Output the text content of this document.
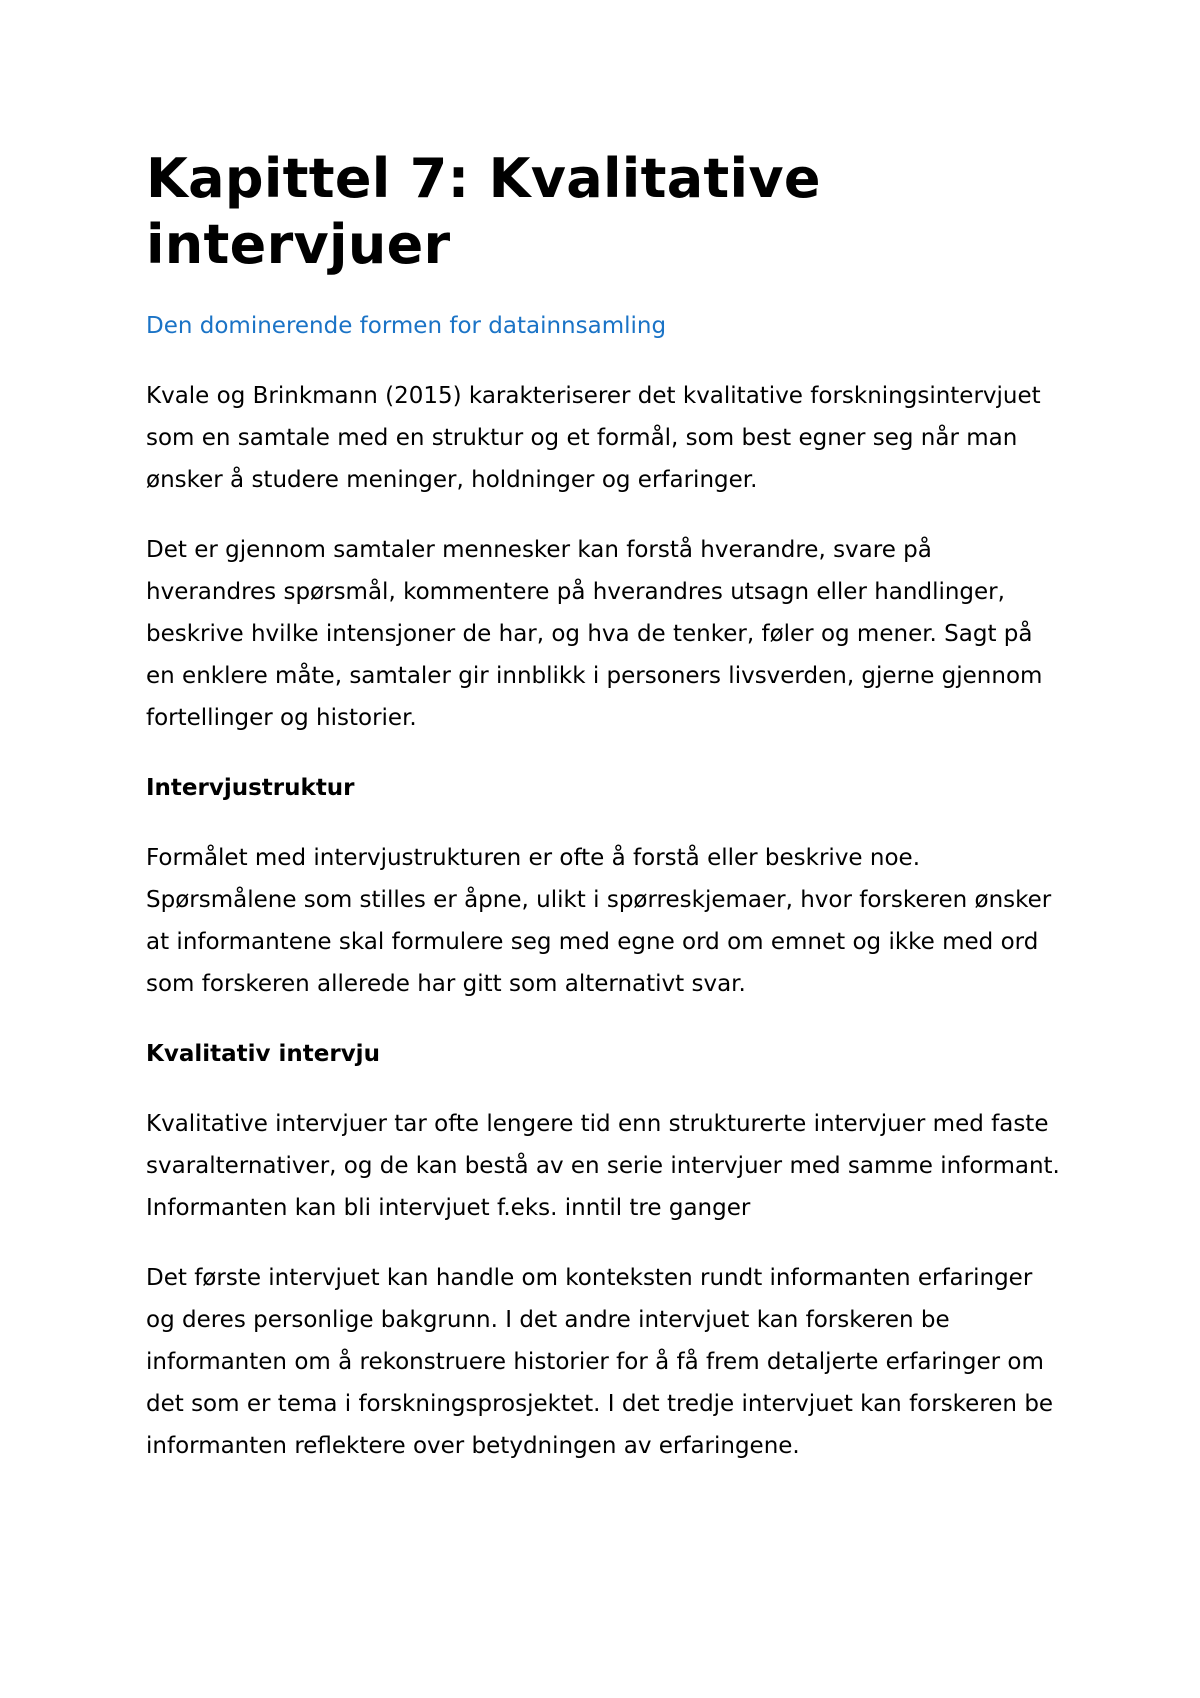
Kapittel 7: Kvalitative intervjuer
Den dominerende formen for datainnsamling

Kvale og Brinkmann (2015) karakteriserer det kvalitative forskningsintervjuet som en samtale med en struktur og et formål, som best egner seg når man ønsker å studere meninger, holdninger og erfaringer.

Det er gjennom samtaler mennesker kan forstå hverandre, svare på hverandres spørsmål, kommentere på hverandres utsagn eller handlinger, beskrive hvilke intensjoner de har, og hva de tenker, føler og mener. Sagt på en enklere måte, samtaler gir innblikk i personers livsverden, gjerne gjennom fortellinger og historier.

Intervjustruktur

Formålet med intervjustrukturen er ofte å forstå eller beskrive noe. Spørsmålene som stilles er åpne, ulikt i spørreskjemaer, hvor forskeren ønsker at informantene skal formulere seg med egne ord om emnet og ikke med ord som forskeren allerede har gitt som alternativt svar.

Kvalitativ intervju

Kvalitative intervjuer tar ofte lengere tid enn strukturerte intervjuer med faste svaralternativer, og de kan bestå av en serie intervjuer med samme informant. Informanten kan bli intervjuet f.eks. inntil tre ganger

Det første intervjuet kan handle om konteksten rundt informanten erfaringer og deres personlige bakgrunn. I det andre intervjuet kan forskeren be informanten om å rekonstruere historier for å få frem detaljerte erfaringer om det som er tema i forskningsprosjektet. I det tredje intervjuet kan forskeren be informanten reflektere over betydningen av erfaringene.
